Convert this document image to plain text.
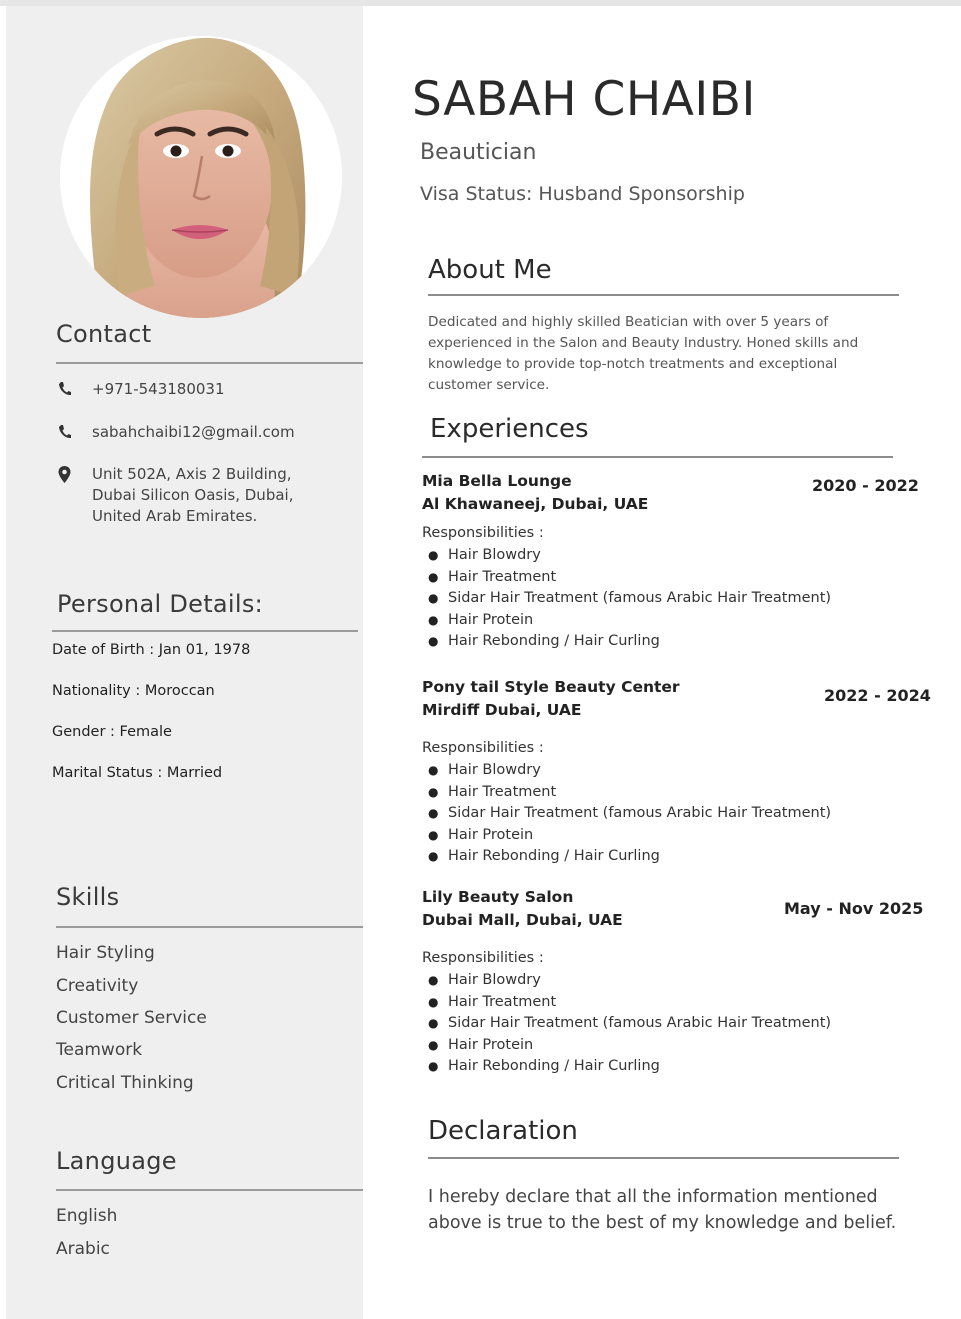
Contact
+971-543180031
sabahchaibi12@gmail.com
Unit 502A, Axis 2 Building,
Dubai Silicon Oasis, Dubai,
United Arab Emirates.
Personal Details:
Date of Birth : Jan 01, 1978
Nationality : Moroccan
Gender : Female
Marital Status : Married
Skills
Hair Styling
Creativity
Customer Service
Teamwork
Critical Thinking
Language
English
Arabic
SABAH CHAIBI
Beautician
Visa Status: Husband Sponsorship
About Me
Dedicated and highly skilled Beatician with over 5 years of
experienced in the Salon and Beauty Industry. Honed skills and
knowledge to provide top-notch treatments and exceptional
customer service.
Experiences
Mia Bella Lounge
Al Khawaneej, Dubai, UAE
2020 - 2022
Responsibilities :
● Hair Blowdry
● Hair Treatment
● Sidar Hair Treatment (famous Arabic Hair Treatment)
● Hair Protein
● Hair Rebonding / Hair Curling
Pony tail Style Beauty Center
Mirdiff Dubai, UAE
2022 - 2024
Responsibilities :
● Hair Blowdry
● Hair Treatment
● Sidar Hair Treatment (famous Arabic Hair Treatment)
● Hair Protein
● Hair Rebonding / Hair Curling
Lily Beauty Salon
Dubai Mall, Dubai, UAE
May - Nov 2025
Responsibilities :
● Hair Blowdry
● Hair Treatment
● Sidar Hair Treatment (famous Arabic Hair Treatment)
● Hair Protein
● Hair Rebonding / Hair Curling
Declaration
I hereby declare that all the information mentioned
above is true to the best of my knowledge and belief.
